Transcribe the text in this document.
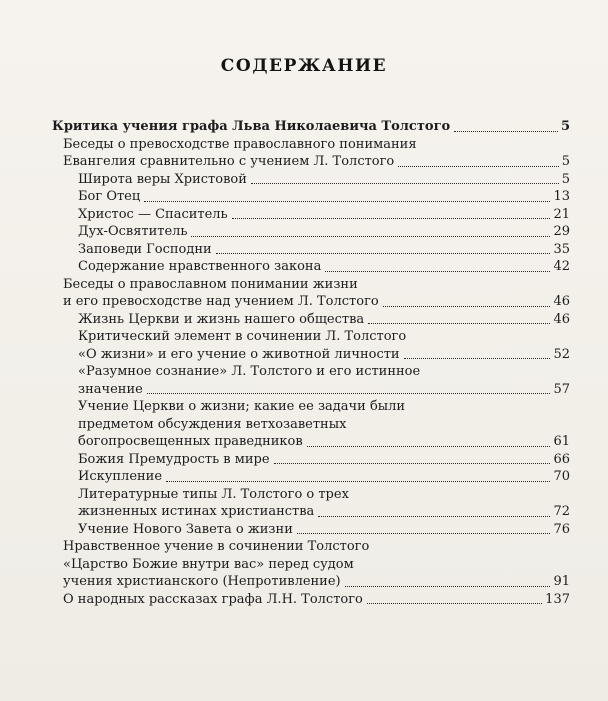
СОДЕРЖАНИЕ
Критика учения графа Льва Николаевича Толстого	5
Беседы о превосходстве православного понимания
Евангелия сравнительно с учением Л. Толстого	5
Широта веры Христовой	5
Бог Отец	13
Христос — Спаситель	21
Дух-Освятитель	29
Заповеди Господни	35
Содержание нравственного закона	42
Беседы о православном понимании жизни
и его превосходстве над учением Л. Толстого	46
Жизнь Церкви и жизнь нашего общества	46
Критический элемент в сочинении Л. Толстого
«О жизни» и его учение о животной личности	52
«Разумное сознание» Л. Толстого и его истинное
значение	57
Учение Церкви о жизни; какие ее задачи были
предметом обсуждения ветхозаветных
богопросвещенных праведников	61
Божия Премудрость в мире	66
Искупление	70
Литературные типы Л. Толстого о трех
жизненных истинах христианства	72
Учение Нового Завета о жизни	76
Нравственное учение в сочинении Толстого
«Царство Божие внутри вас» перед судом
учения христианского (Непротивление)	91
О народных рассказах графа Л.Н. Толстого	137
